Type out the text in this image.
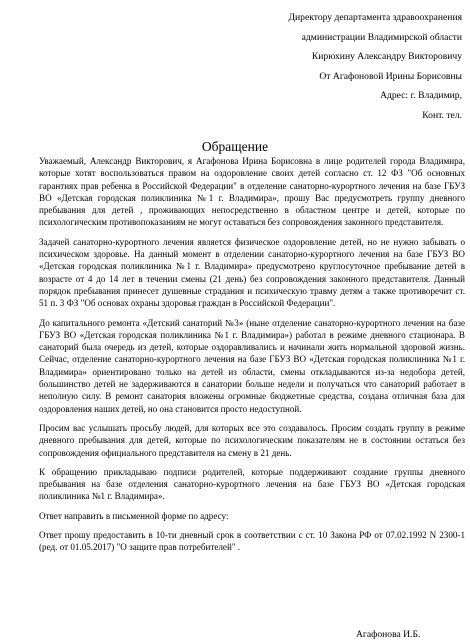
Директору департамента здравоохранения
администрации Владимирской области
Кирюхину Александру Викторовичу
От Агафоновой Ирины Борисовны
Адрес: г. Владимир,
Конт. тел.
Обращение

Уважаемый, Александр Викторович, я Агафонова Ирина Борисовна в лице родителей города Владимира, которые хотят воспользоваться правом на оздоровление своих детей согласно ст. 12 ФЗ "Об основных гарантиях прав ребенка в Российской Федерации" в отделение санаторно-курортного лечения на базе ГБУЗ ВО «Детская городская поликлиника №1 г. Владимира», прошу Вас предусмотреть группу дневного пребывания для детей , проживающих непосредственно в областном центре и детей, которые по психологическим противопоказаниям не могут оставаться без сопровождения законного представителя.

Задачей санаторно-курортного лечения является физическое оздоровление детей, но не нужно забывать о психическом здоровье. На данный момент в отделении санаторно-курортного лечения на базе ГБУЗ ВО «Детская городская поликлиника №1 г. Владимира» предусмотрено круглосуточное пребывание детей в возрасте от 4 до 14 лет в течении смены (21 день) без сопровождения законного представителя. Данный порядок пребывания принесет душевные страдания и психическую травму детям а также противоречит ст. 51 п. 3 ФЗ "Об основах охраны здоровья граждан в Российской Федерации".

До капитального ремонта «Детский санаторий №3» (ныне отделение санаторно-курортного лечения на базе ГБУЗ ВО «Детская городская поликлиника №1 г. Владимира») работал в режиме дневного стационара. В санаторий была очередь из детей, которые оздоравливались и начинали жить нормальной здоровой жизнь. Сейчас, отделение санаторно-курортного лечения на базе ГБУЗ ВО «Детская городская поликлиника №1 г. Владимира» ориентировано только на детей из области, смены откладываются из-за недобора детей, большинство детей не задерживаются в санатории больше недели и получаться что санаторий работает в неполную силу. В ремонт санатория вложены огромные бюджетные средства, создана отличная база для оздоровления наших детей, но она становится просто недоступной.

Просим вас услышать просьбу людей, для которых все это создавалось. Просим создать группу в режиме дневного пребывания для детей, которые по психологическим показателям не в состоянии остаться без сопровождения официального представителя на смену в 21 день.

К обращению прикладываю подписи родителей, которые поддерживают создание группы дневного пребывания на базе отделения санаторно-курортного лечения на базе ГБУЗ ВО «Детская городская поликлиника №1 г. Владимира».

Ответ направить в письменной форме по адресу:

Ответ прошу предоставить в 10-ти дневный срок в соответствии с ст. 10 Закона РФ от 07.02.1992 N 2300-1 (ред. от 01.05.2017) "О защите прав потребителей" .

Агафонова И.Б.
